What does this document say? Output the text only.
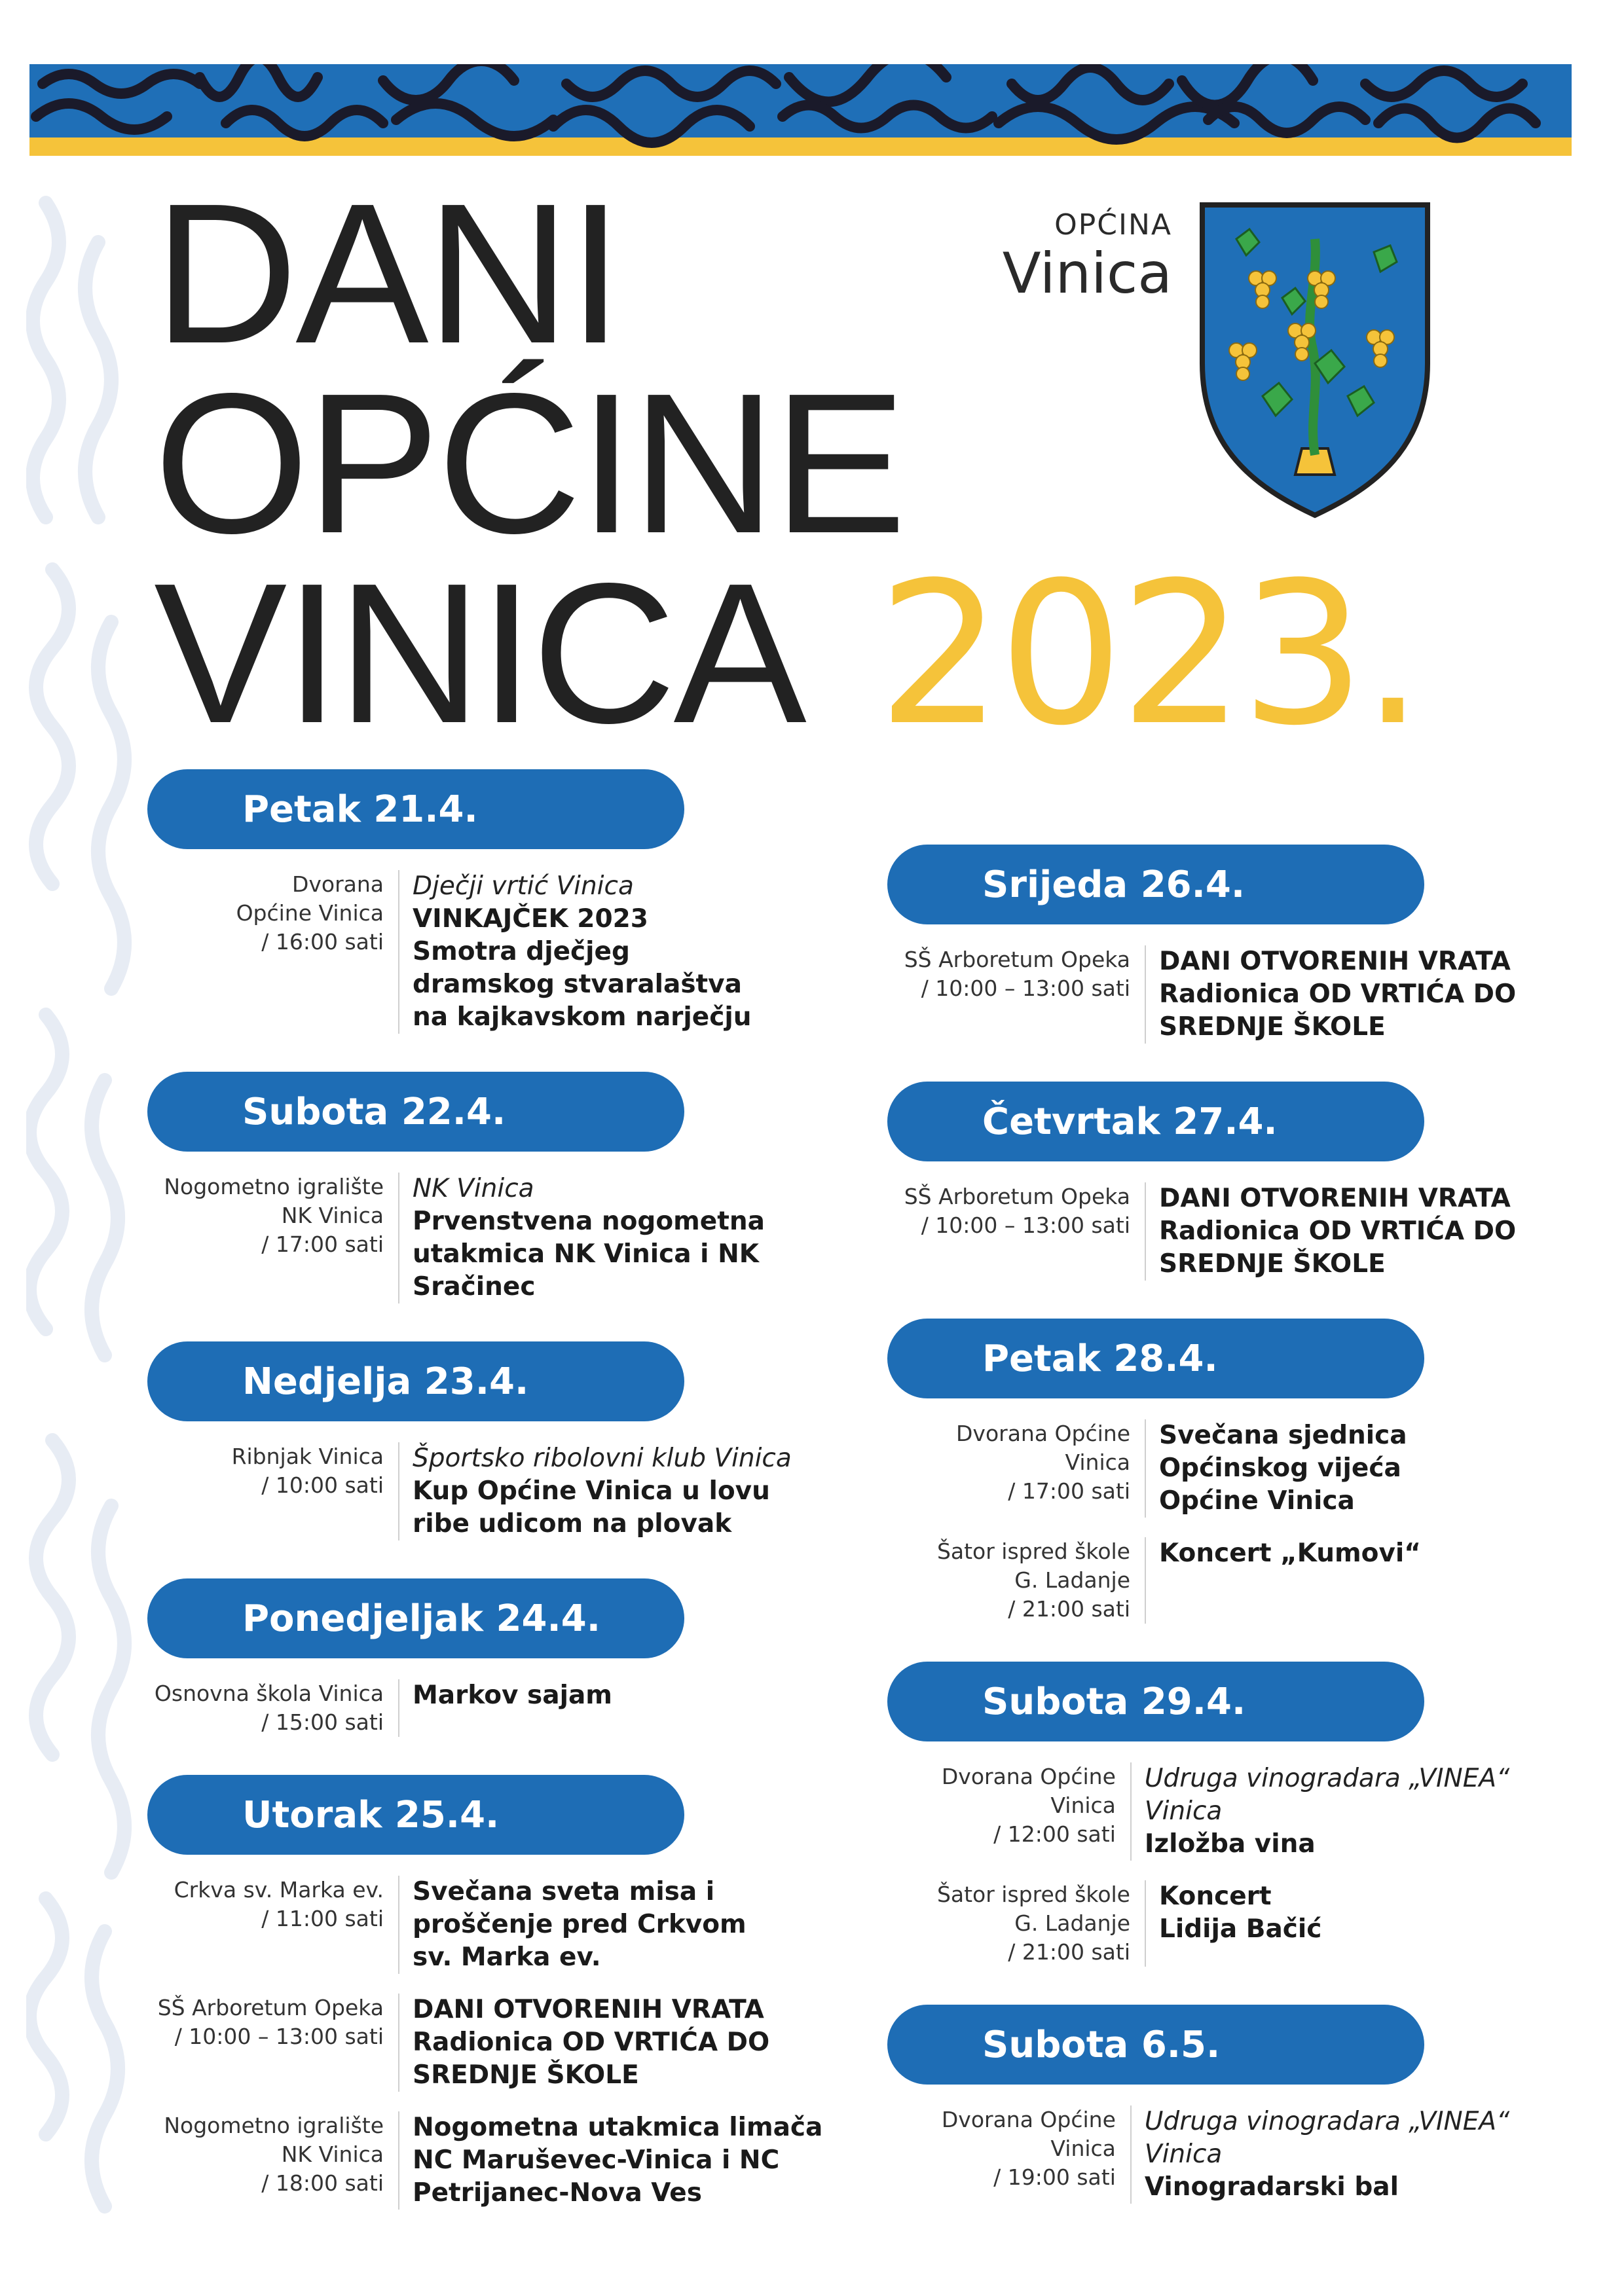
DANI
OPĆINE
VINICA 2023.
OPĆINA
Vinica
Petak 21.4.
Dvorana
Općine Vinica
/ 16:00 sati
Dječji vrtić Vinica
VINKAJČEK 2023
Smotra dječjeg
dramskog stvaralaštva
na kajkavskom narječju
Subota 22.4.
Nogometno igralište
NK Vinica
/ 17:00 sati
NK Vinica
Prvenstvena nogometna
utakmica NK Vinica i NK
Sračinec
Nedjelja 23.4.
Ribnjak Vinica
/ 10:00 sati
Športsko ribolovni klub Vinica
Kup Općine Vinica u lovu
ribe udicom na plovak
Ponedjeljak 24.4.
Osnovna škola Vinica
/ 15:00 sati
Markov sajam
Utorak 25.4.
Crkva sv. Marka ev.
/ 11:00 sati
Svečana sveta misa i
proščenje pred Crkvom
sv. Marka ev.
SŠ Arboretum Opeka
/ 10:00 – 13:00 sati
DANI OTVORENIH VRATA
Radionica OD VRTIĆA DO
SREDNJE ŠKOLE
Nogometno igralište
NK Vinica
/ 18:00 sati
Nogometna utakmica limača
NC Maruševec-Vinica i NC
Petrijanec-Nova Ves
Srijeda 26.4.
SŠ Arboretum Opeka
/ 10:00 – 13:00 sati
DANI OTVORENIH VRATA
Radionica OD VRTIĆA DO
SREDNJE ŠKOLE
Četvrtak 27.4.
SŠ Arboretum Opeka
/ 10:00 – 13:00 sati
DANI OTVORENIH VRATA
Radionica OD VRTIĆA DO
SREDNJE ŠKOLE
Petak 28.4.
Dvorana Općine Vinica
/ 17:00 sati
Svečana sjednica
Općinskog vijeća
Općine Vinica
Šator ispred škole
G. Ladanje
/ 21:00 sati
Koncert „Kumovi“
Subota 29.4.
Dvorana Općine Vinica
/ 12:00 sati
Udruga vinogradara „VINEA“ Vinica
Izložba vina
Šator ispred škole
G. Ladanje
/ 21:00 sati
Koncert
Lidija Bačić
Subota 6.5.
Dvorana Općine Vinica
/ 19:00 sati
Udruga vinogradara „VINEA“ Vinica
Vinogradarski bal
